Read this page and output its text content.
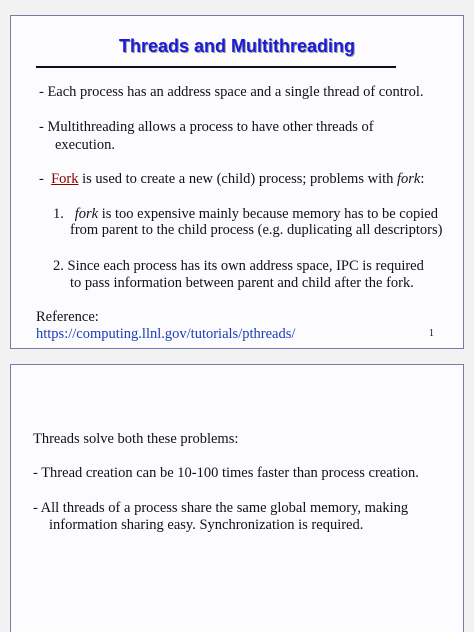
Threads and Multithreading
- Each process has an address space and a single thread of control.
- Multithreading allows a process to have other threads of
execution.
- Fork is used to create a new (child) process; problems with fork:
1. fork is too expensive mainly because memory has to be copied
from parent to the child process (e.g. duplicating all descriptors)
2. Since each process has its own address space, IPC is required
to pass information between parent and child after the fork.
Reference:
https://computing.llnl.gov/tutorials/pthreads/	1
Threads solve both these problems:
- Thread creation can be 10-100 times faster than process creation.
- All threads of a process share the same global memory, making
information sharing easy. Synchronization is required.
